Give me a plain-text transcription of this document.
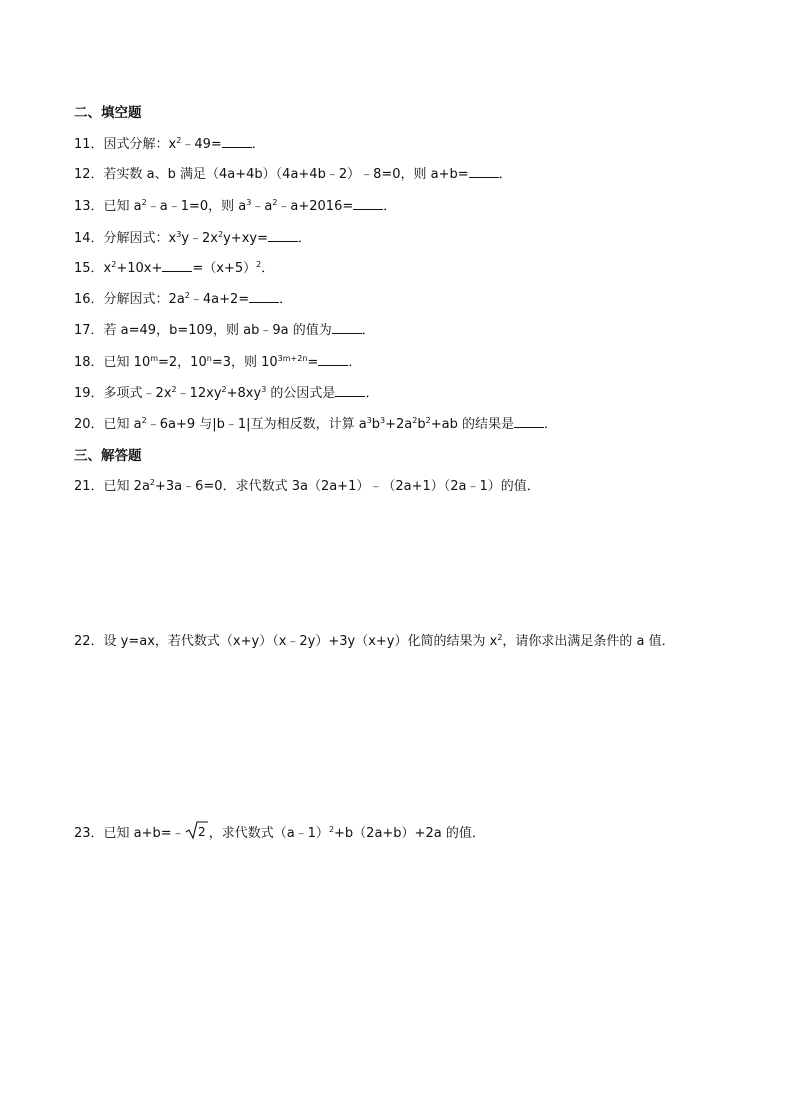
二、填空题
11．因式分解：$x^2﹣49=$ ．
12．若实数 a、b 满足（4a+4b）（4a+4b﹣2）﹣8=0，则 a+b= ．
13．已知 $a^2﹣a﹣1=0$，则 $a^3﹣a^2﹣a+2016=$ ．
14．分解因式：$x^3y﹣2x^2y+xy=$ ．
15．$x^2+10x+ =(x+5)^2$．
16．分解因式：$2a^2﹣4a+2=$ ．
17．若 a=49，b=109，则 ab﹣9a 的值为 ．
18．已知 $10^m=2$，$10^n=3$，则 $10^{3m+2n}=$ ．
19．多项式$﹣2x^2﹣12xy^2+8xy^3$ 的公因式是 ．
20．已知 $a^2﹣6a+9$ 与|b﹣1|互为相反数，计算 $a^3b^3+2a^2b^2+ab$ 的结果是 ．
三、解答题
21．已知 $2a^2+3a﹣6=0$．求代数式 3a（2a+1）﹣（2a+1）（2a﹣1）的值．
22．设 y=ax，若代数式（x+y）（x﹣2y）+3y（x+y）化简的结果为 $x^2$，请你求出满足条件的 a 值．
23．已知 a+b=﹣ 2 ，求代数式（a﹣1）$^2$+b（2a+b）+2a 的值．
